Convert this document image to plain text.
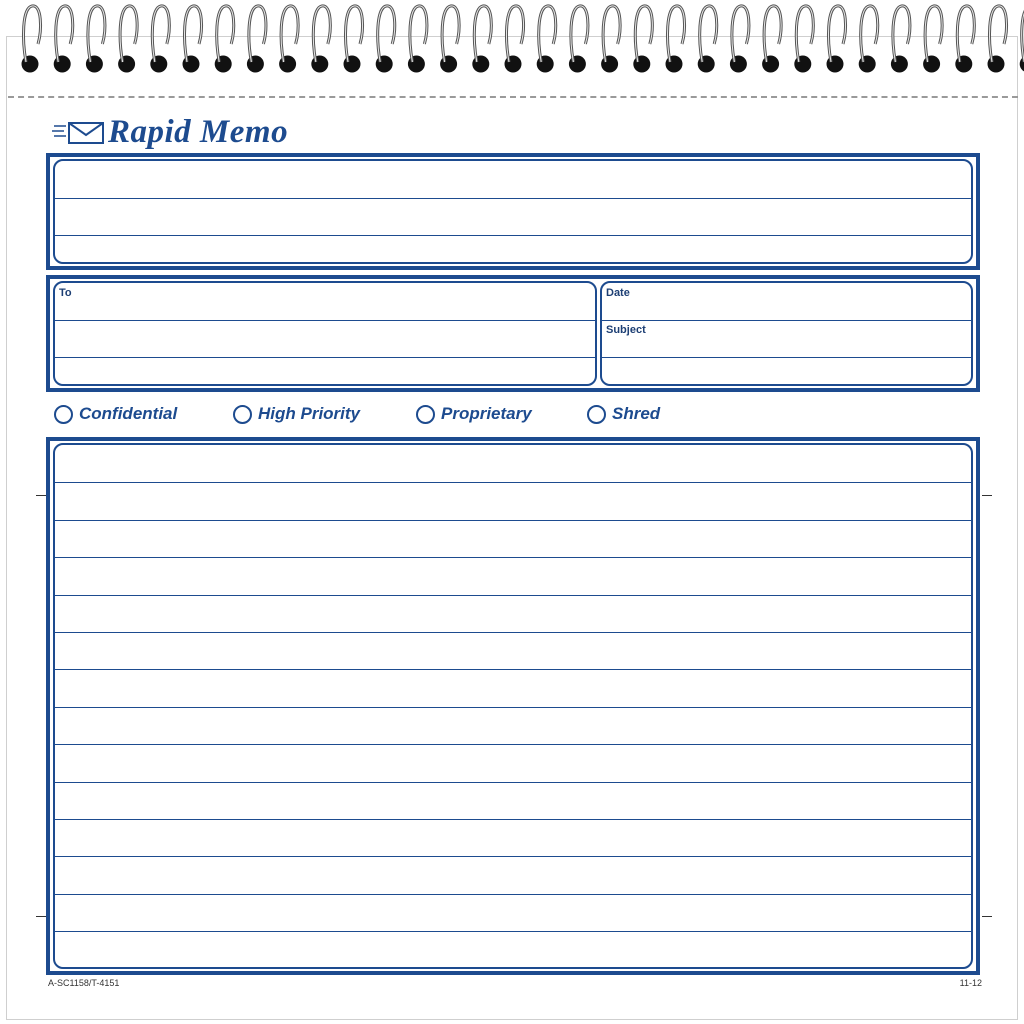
Rapid Memo
To	Date
Subject
Confidential	High Priority	Proprietary	Shred
A-SC1158/T-4151	11-12
